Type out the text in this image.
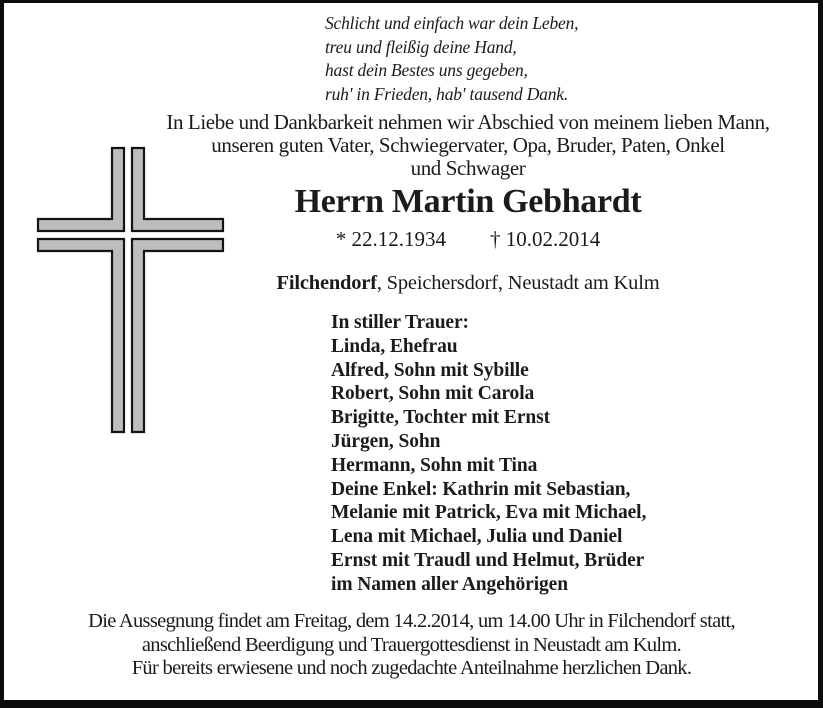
Schlicht und einfach war dein Leben,
treu und fleißig deine Hand,
hast dein Bestes uns gegeben,
ruh' in Frieden, hab' tausend Dank.
In Liebe und Dankbarkeit nehmen wir Abschied von meinem lieben Mann,
unseren guten Vater, Schwiegervater, Opa, Bruder, Paten, Onkel
und Schwager
Herrn Martin Gebhardt
* 22.12.1934 † 10.02.2014
Filchendorf, Speichersdorf, Neustadt am Kulm
In stiller Trauer:
Linda, Ehefrau
Alfred, Sohn mit Sybille
Robert, Sohn mit Carola
Brigitte, Tochter mit Ernst
Jürgen, Sohn
Hermann, Sohn mit Tina
Deine Enkel: Kathrin mit Sebastian,
Melanie mit Patrick, Eva mit Michael,
Lena mit Michael, Julia und Daniel
Ernst mit Traudl und Helmut, Brüder
im Namen aller Angehörigen
Die Aussegnung findet am Freitag, dem 14.2.2014, um 14.00 Uhr in Filchendorf statt,
anschließend Beerdigung und Trauergottesdienst in Neustadt am Kulm.
Für bereits erwiesene und noch zugedachte Anteilnahme herzlichen Dank.
